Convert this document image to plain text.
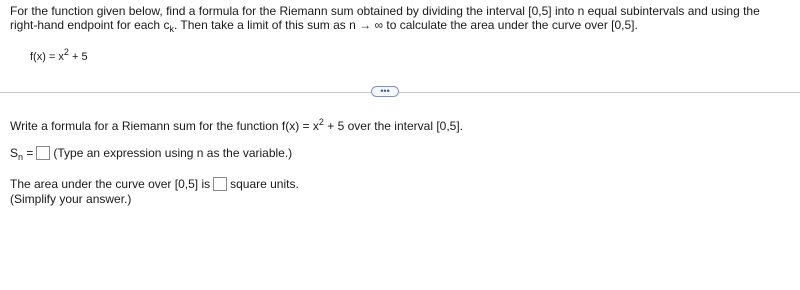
For the function given below, find a formula for the Riemann sum obtained by dividing the interval [0,5] into n equal subintervals and using the right-hand endpoint for each $c_k$. Then take a limit of this sum as n → ∞ to calculate the area under the curve over [0,5].
$f(x) = x^2 + 5$
•••
Write a formula for a Riemann sum for the function $f(x) = x^2 + 5$ over the interval [0,5].
$S_n$ = (Type an expression using n as the variable.)
The area under the curve over [0,5] is square units.
(Simplify your answer.)
